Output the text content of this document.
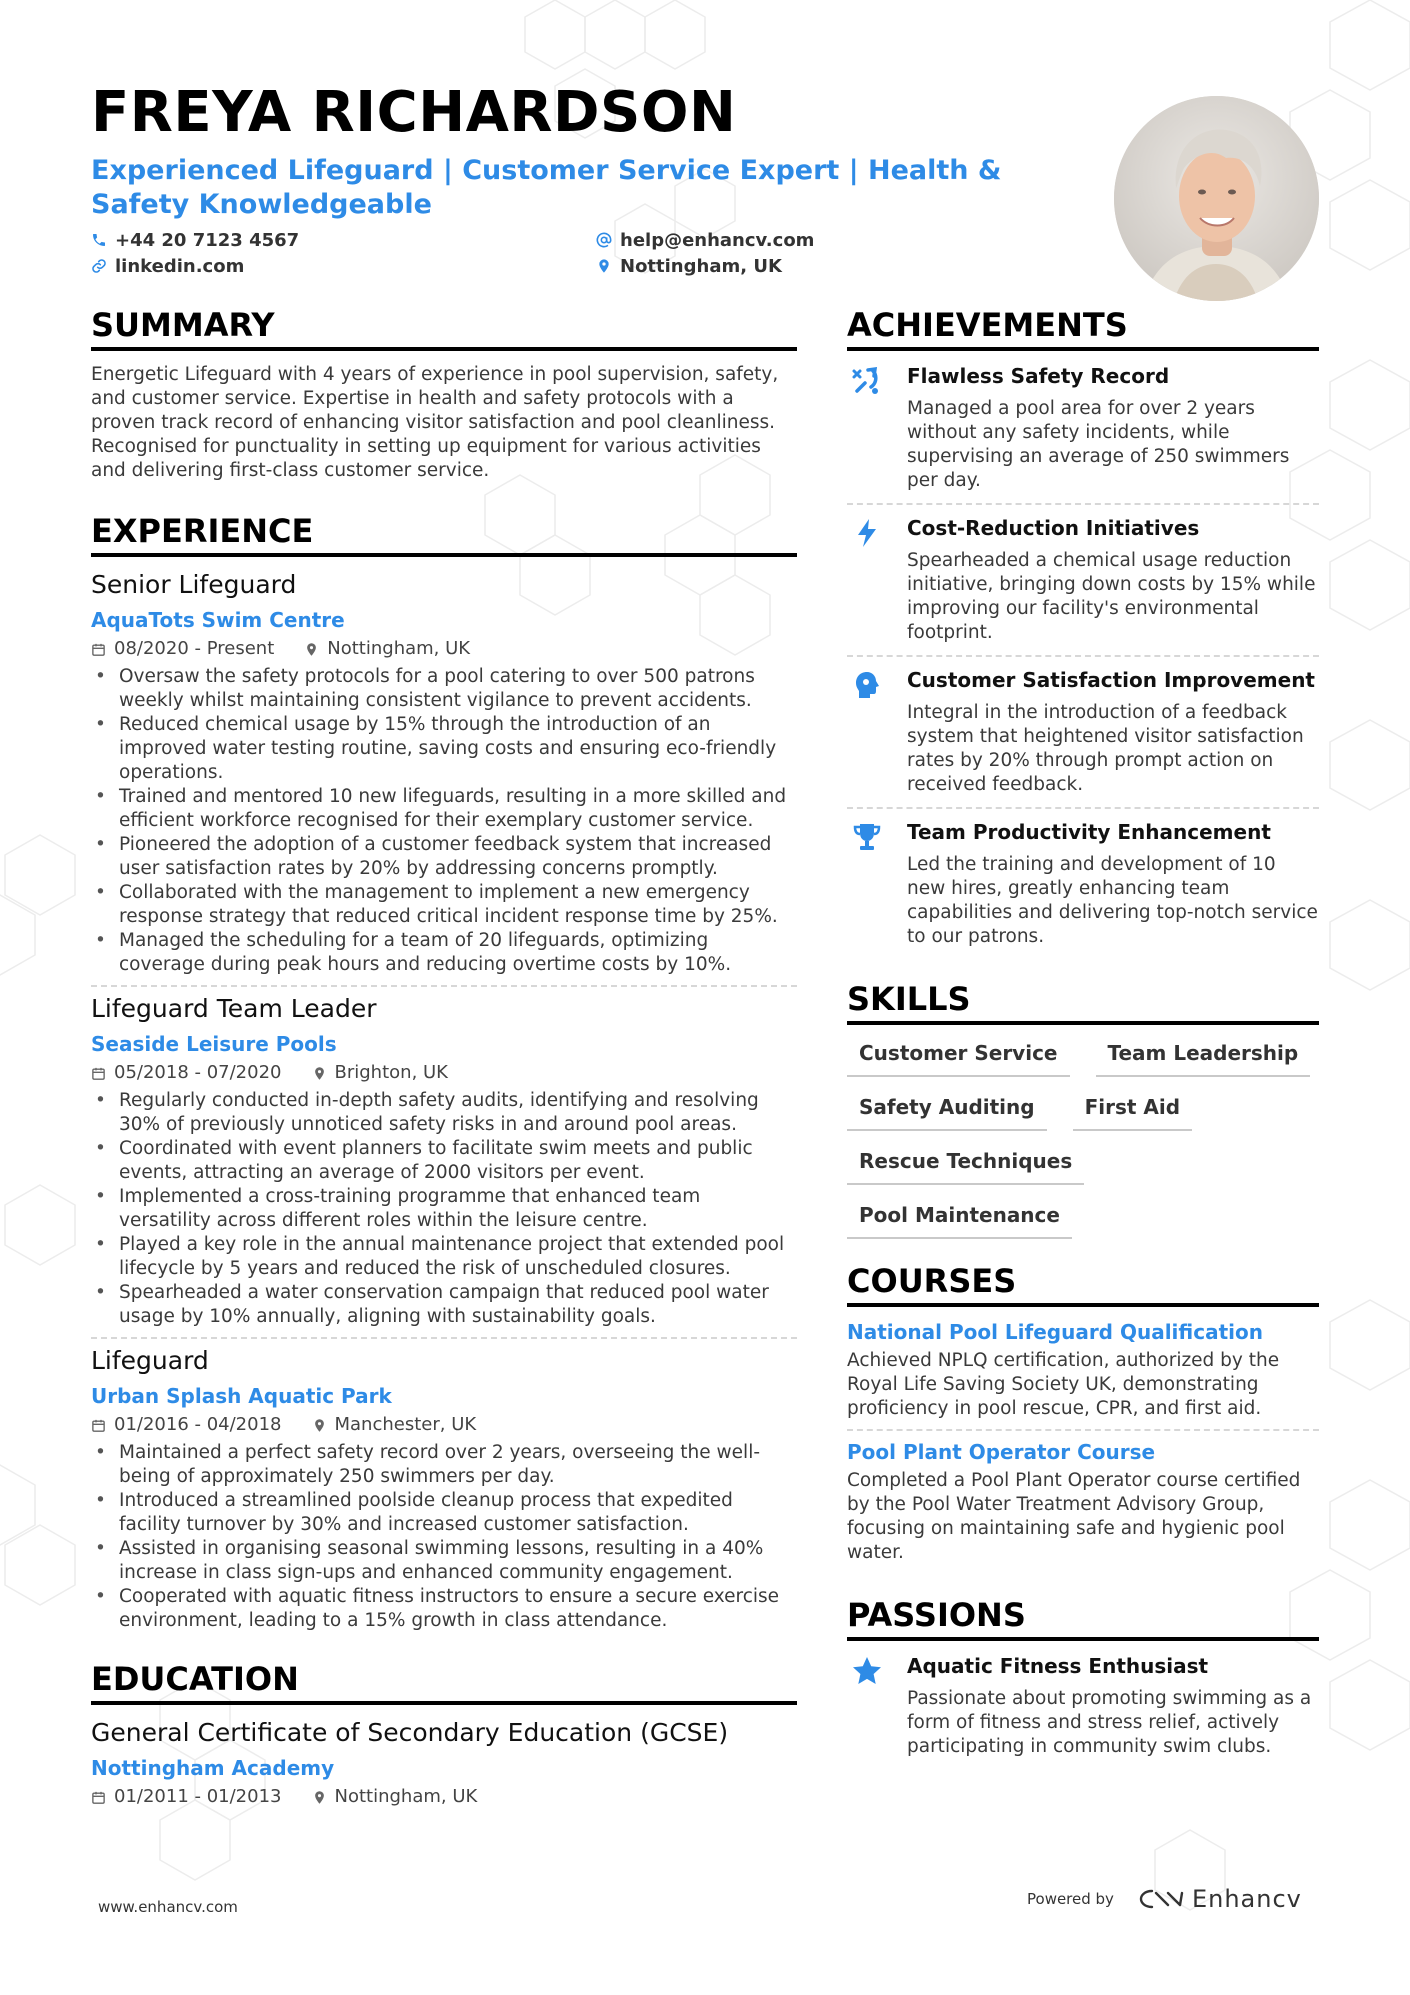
FREYA RICHARDSON
Experienced Lifeguard | Customer Service Expert | Health & Safety Knowledgeable
+44 20 7123 4567	help@enhancv.com
linkedin.com	Nottingham, UK
SUMMARY
Energetic Lifeguard with 4 years of experience in pool supervision, safety, and customer service. Expertise in health and safety protocols with a proven track record of enhancing visitor satisfaction and pool cleanliness. Recognised for punctuality in setting up equipment for various activities and delivering first-class customer service.
EXPERIENCE
Senior Lifeguard
AquaTots Swim Centre
08/2020 - Present	Nottingham, UK
• Oversaw the safety protocols for a pool catering to over 500 patrons weekly whilst maintaining consistent vigilance to prevent accidents.
• Reduced chemical usage by 15% through the introduction of an improved water testing routine, saving costs and ensuring eco-friendly operations.
• Trained and mentored 10 new lifeguards, resulting in a more skilled and efficient workforce recognised for their exemplary customer service.
• Pioneered the adoption of a customer feedback system that increased user satisfaction rates by 20% by addressing concerns promptly.
• Collaborated with the management to implement a new emergency response strategy that reduced critical incident response time by 25%.
• Managed the scheduling for a team of 20 lifeguards, optimizing coverage during peak hours and reducing overtime costs by 10%.
Lifeguard Team Leader
Seaside Leisure Pools
05/2018 - 07/2020	Brighton, UK
• Regularly conducted in-depth safety audits, identifying and resolving 30% of previously unnoticed safety risks in and around pool areas.
• Coordinated with event planners to facilitate swim meets and public events, attracting an average of 2000 visitors per event.
• Implemented a cross-training programme that enhanced team versatility across different roles within the leisure centre.
• Played a key role in the annual maintenance project that extended pool lifecycle by 5 years and reduced the risk of unscheduled closures.
• Spearheaded a water conservation campaign that reduced pool water usage by 10% annually, aligning with sustainability goals.
Lifeguard
Urban Splash Aquatic Park
01/2016 - 04/2018	Manchester, UK
• Maintained a perfect safety record over 2 years, overseeing the well-being of approximately 250 swimmers per day.
• Introduced a streamlined poolside cleanup process that expedited facility turnover by 30% and increased customer satisfaction.
• Assisted in organising seasonal swimming lessons, resulting in a 40% increase in class sign-ups and enhanced community engagement.
• Cooperated with aquatic fitness instructors to ensure a secure exercise environment, leading to a 15% growth in class attendance.
EDUCATION
General Certificate of Secondary Education (GCSE)
Nottingham Academy
01/2011 - 01/2013	Nottingham, UK
ACHIEVEMENTS
Flawless Safety Record
Managed a pool area for over 2 years without any safety incidents, while supervising an average of 250 swimmers per day.
Cost-Reduction Initiatives
Spearheaded a chemical usage reduction initiative, bringing down costs by 15% while improving our facility's environmental footprint.
Customer Satisfaction Improvement
Integral in the introduction of a feedback system that heightened visitor satisfaction rates by 20% through prompt action on received feedback.
Team Productivity Enhancement
Led the training and development of 10 new hires, greatly enhancing team capabilities and delivering top-notch service to our patrons.
SKILLS
Customer Service	Team Leadership
Safety Auditing	First Aid
Rescue Techniques
Pool Maintenance
COURSES
National Pool Lifeguard Qualification
Achieved NPLQ certification, authorized by the Royal Life Saving Society UK, demonstrating proficiency in pool rescue, CPR, and first aid.
Pool Plant Operator Course
Completed a Pool Plant Operator course certified by the Pool Water Treatment Advisory Group, focusing on maintaining safe and hygienic pool water.
PASSIONS
Aquatic Fitness Enthusiast
Passionate about promoting swimming as a form of fitness and stress relief, actively participating in community swim clubs.
www.enhancv.com	Powered by	Enhancv
